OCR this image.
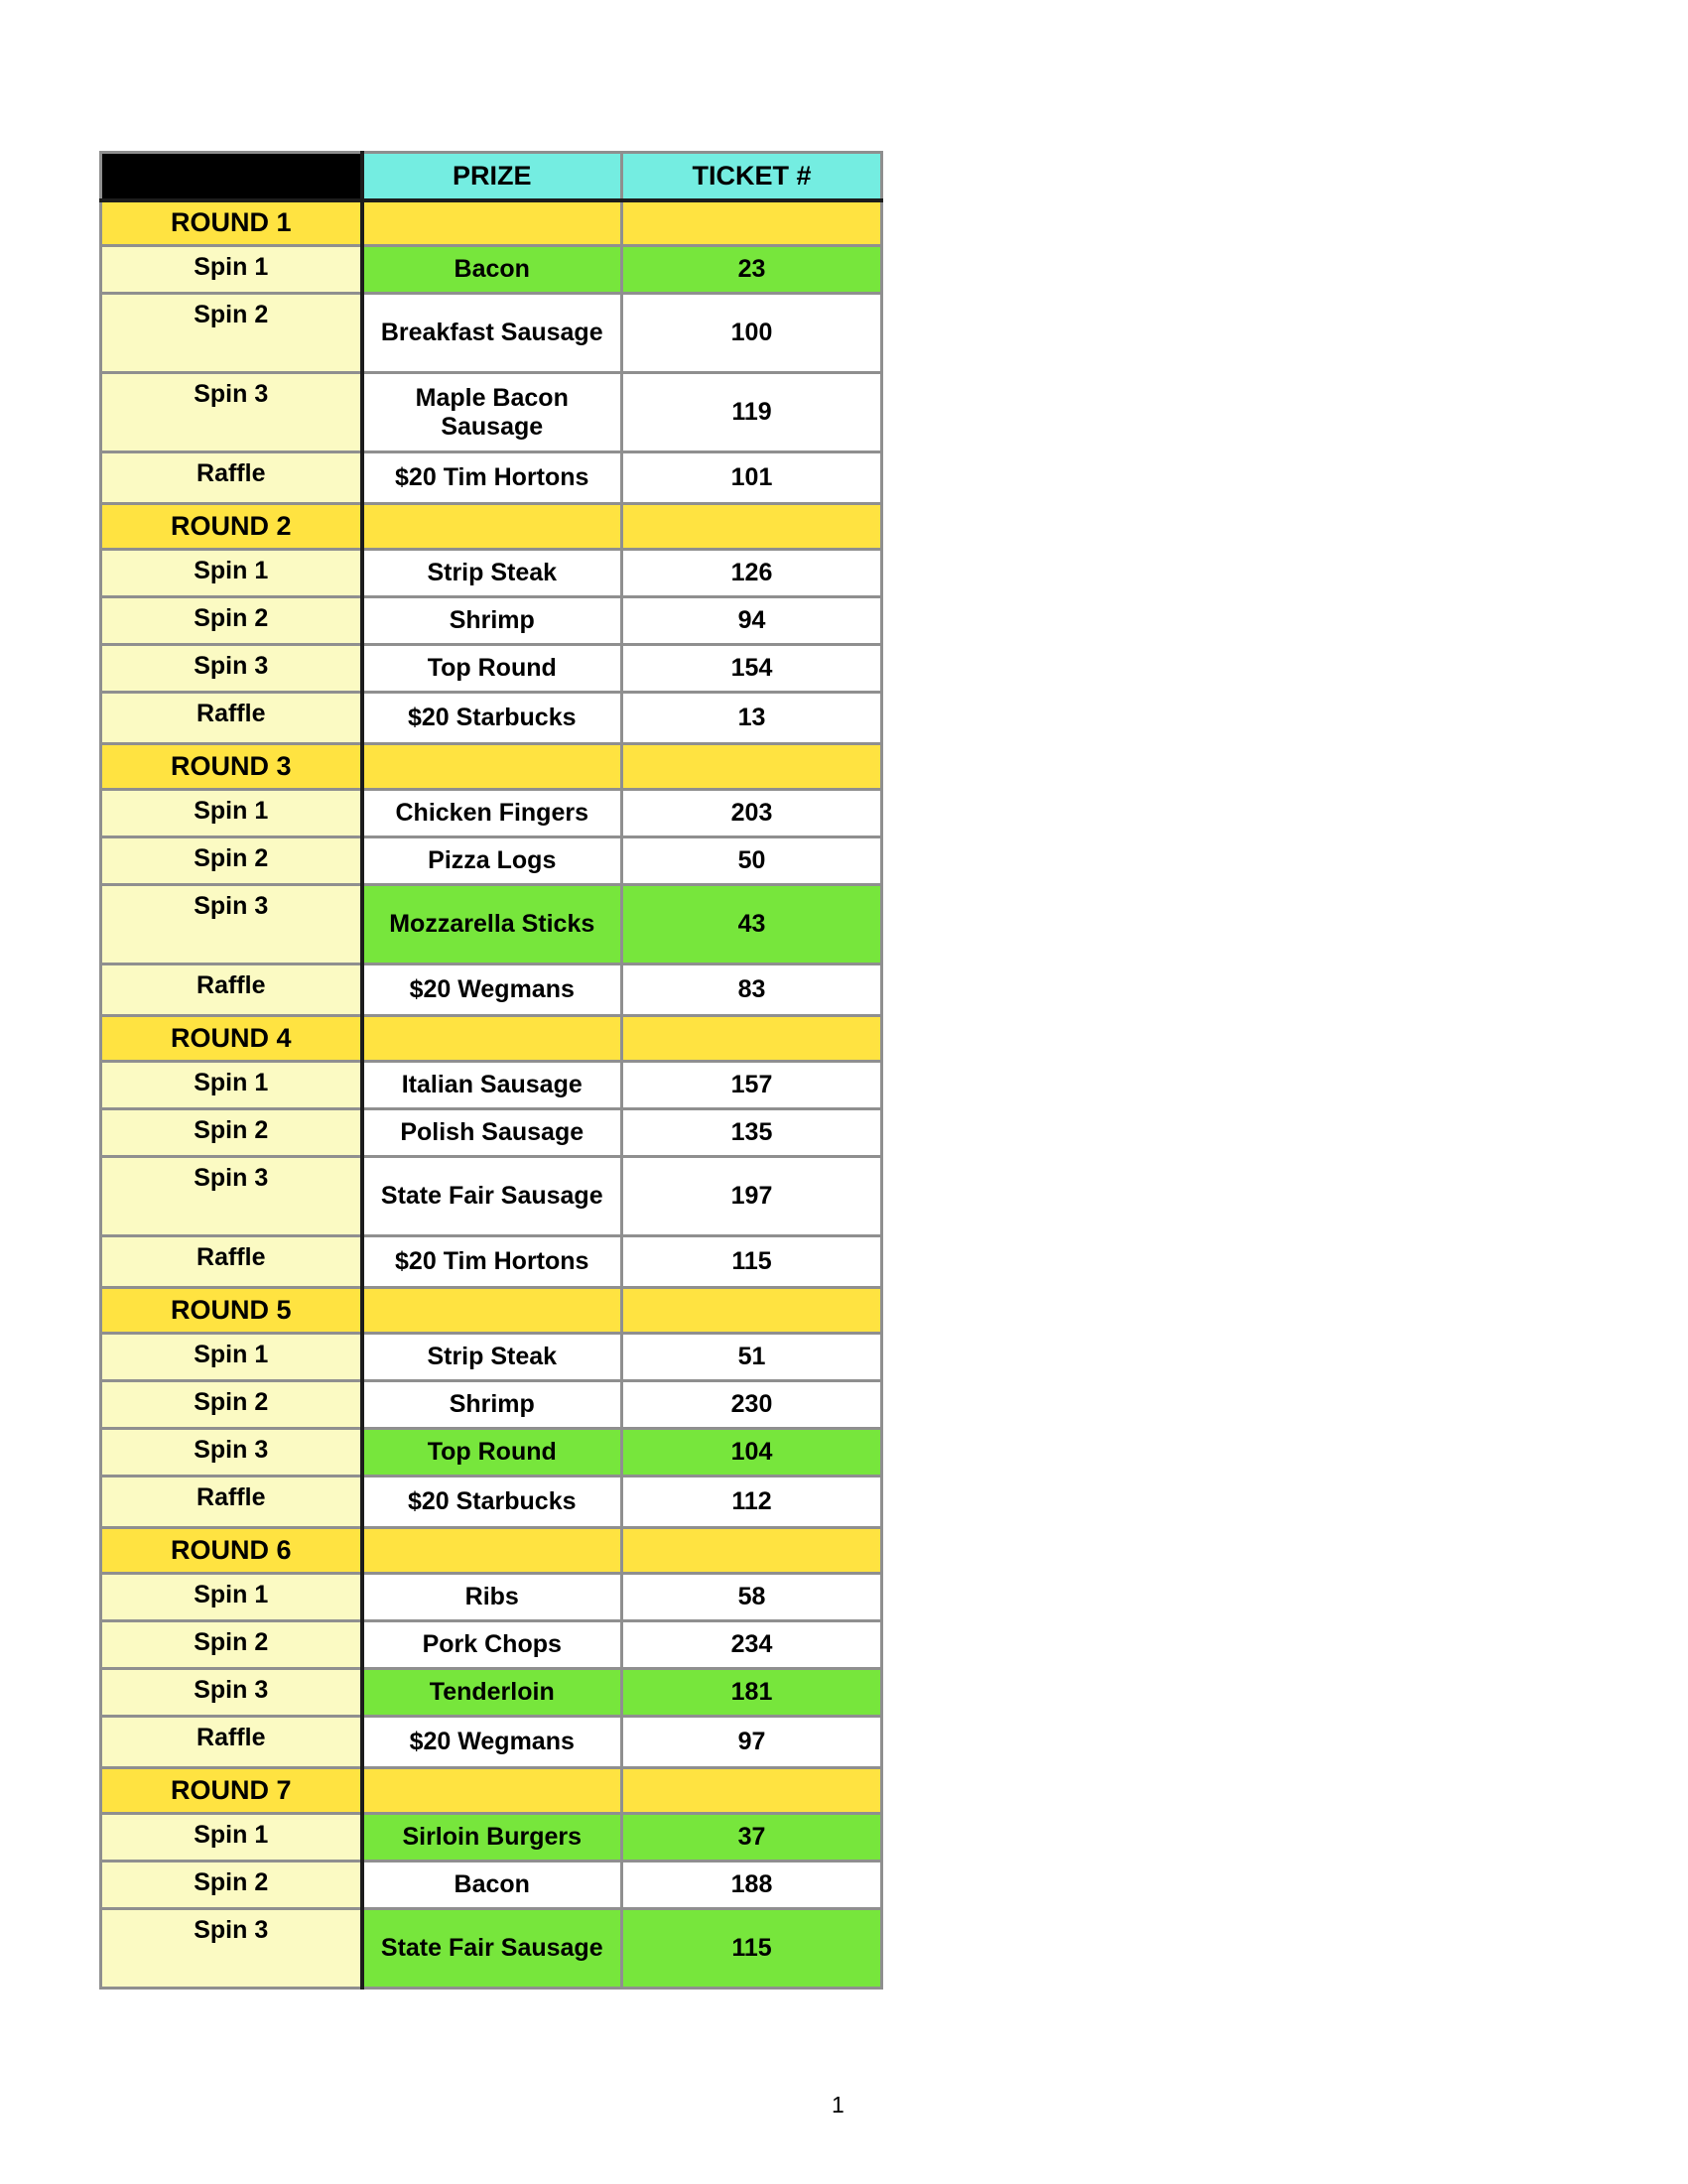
	PRIZE	TICKET #
ROUND 1		
Spin 1	Bacon	23
Spin 2	Breakfast Sausage	100
Spin 3	Maple Bacon Sausage	119
Raffle	$20 Tim Hortons	101
ROUND 2		
Spin 1	Strip Steak	126
Spin 2	Shrimp	94
Spin 3	Top Round	154
Raffle	$20 Starbucks	13
ROUND 3		
Spin 1	Chicken Fingers	203
Spin 2	Pizza Logs	50
Spin 3	Mozzarella Sticks	43
Raffle	$20 Wegmans	83
ROUND 4		
Spin 1	Italian Sausage	157
Spin 2	Polish Sausage	135
Spin 3	State Fair Sausage	197
Raffle	$20 Tim Hortons	115
ROUND 5		
Spin 1	Strip Steak	51
Spin 2	Shrimp	230
Spin 3	Top Round	104
Raffle	$20 Starbucks	112
ROUND 6		
Spin 1	Ribs	58
Spin 2	Pork Chops	234
Spin 3	Tenderloin	181
Raffle	$20 Wegmans	97
ROUND 7		
Spin 1	Sirloin Burgers	37
Spin 2	Bacon	188
Spin 3	State Fair Sausage	115
1
